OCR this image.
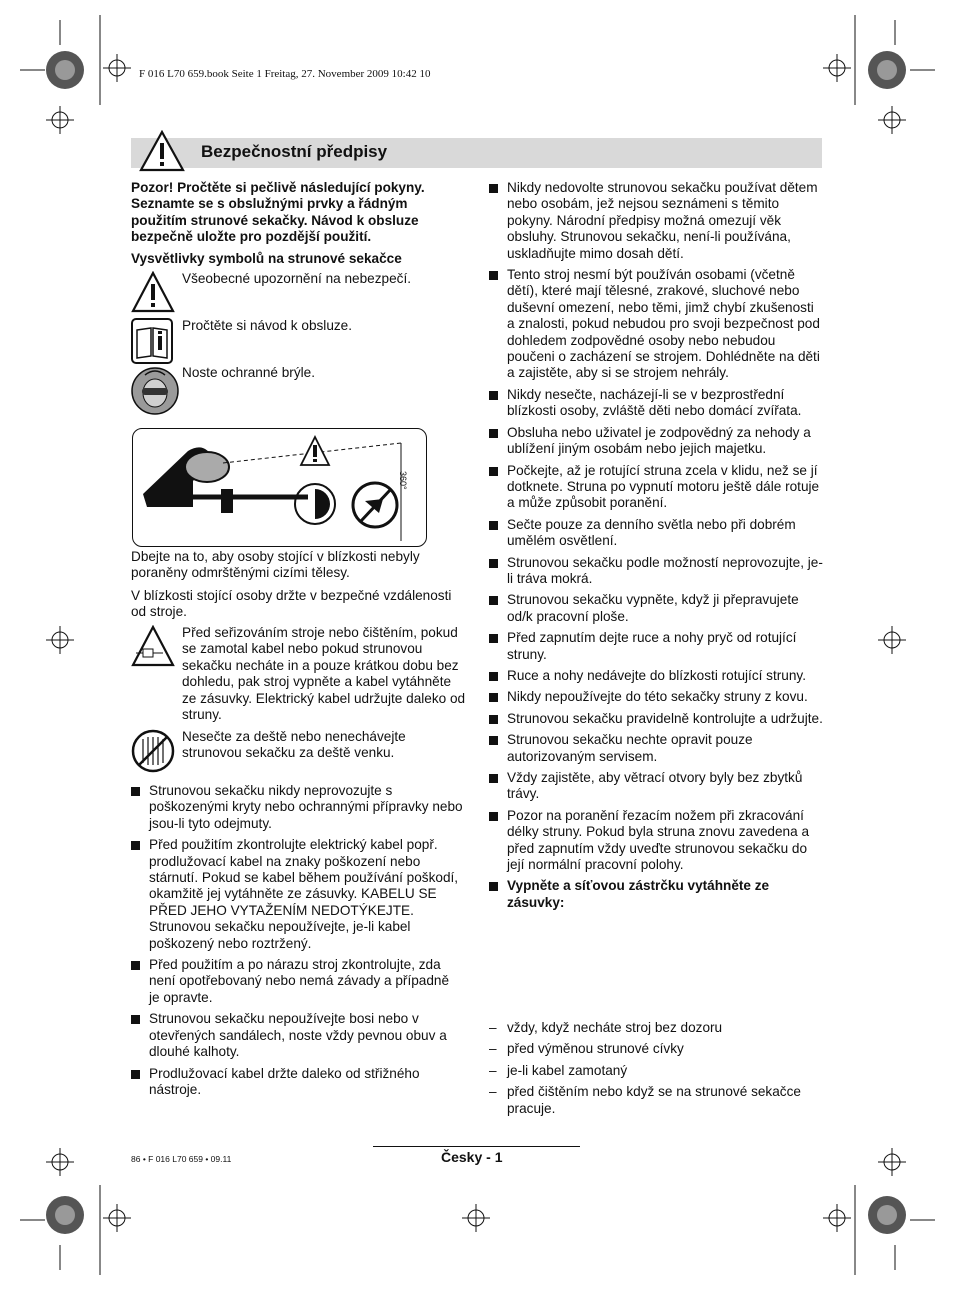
F 016 L70 659.book Seite 1 Freitag, 27. November 2009 10:42 10
Bezpečnostní předpisy

Pozor! Pročtěte si pečlivě následující pokyny. Seznamte se s obslužnými prvky a řádným použitím strunové sekačky. Návod k obsluze bezpečně uložte pro pozdější použití.

Vysvětlivky symbolů na strunové sekačce

Všeobecné upozornění na nebezpečí.
Pročtěte si návod k obsluze.
Noste ochranné brýle.
360°

Dbejte na to, aby osoby stojící v blízkosti nebyly poraněny odmrštěnými cizími tělesy.

V blízkosti stojící osoby držte v bezpečné vzdálenosti od stroje.

Před seřizováním stroje nebo čištěním, pokud se zamotal kabel nebo pokud strunovou sekačku necháte in a pouze krátkou dobu bez dohledu, pak stroj vypněte a kabel vytáhněte ze zásuvky. Elektrický kabel udržujte daleko od struny.
Nesečte za deště nebo nenechávejte strunovou sekačku za deště venku.
Strunovou sekačku nikdy neprovozujte s poškozenými kryty nebo ochrannými přípravky nebo jsou-li tyto odejmuty.
Před použitím zkontrolujte elektrický kabel popř. prodlužovací kabel na znaky poškození nebo stárnutí. Pokud se kabel během používání poškodí, okamžitě jej vytáhněte ze zásuvky. KABELU SE PŘED JEHO VYTAŽENÍM NEDOTÝKEJTE. Strunovou sekačku nepoužívejte, je-li kabel poškozený nebo roztržený.
Před použitím a po nárazu stroj zkontrolujte, zda není opotřebovaný nebo nemá závady a případně je opravte.
Strunovou sekačku nepoužívejte bosi nebo v otevřených sandálech, noste vždy pevnou obuv a dlouhé kalhoty.
Prodlužovací kabel držte daleko od střižného nástroje.
Nikdy nedovolte strunovou sekačku používat dětem nebo osobám, jež nejsou seznámeni s těmito pokyny. Národní předpisy možná omezují věk obsluhy. Strunovou sekačku, není-li používána, uskladňujte mimo dosah dětí.
Tento stroj nesmí být používán osobami (včetně dětí), které mají tělesné, zrakové, sluchové nebo duševní omezení, nebo těmi, jimž chybí zkušenosti a znalosti, pokud nebudou pro svoji bezpečnost pod dohledem zodpovědné osoby nebo nebudou poučeni o zacházení se strojem. Dohlédněte na děti a zajistěte, aby si se strojem nehrály.
Nikdy nesečte, nacházejí-li se v bezprostřední blízkosti osoby, zvláště děti nebo domácí zvířata.
Obsluha nebo uživatel je zodpovědný za nehody a ublížení jiným osobám nebo jejich majetku.
Počkejte, až je rotující struna zcela v klidu, než se jí dotknete. Struna po vypnutí motoru ještě dále rotuje a může způsobit poranění.
Sečte pouze za denního světla nebo při dobrém umělém osvětlení.
Strunovou sekačku podle možností neprovozujte, je-li tráva mokrá.
Strunovou sekačku vypněte, když ji přepravujete od/k pracovní ploše.
Před zapnutím dejte ruce a nohy pryč od rotující struny.
Ruce a nohy nedávejte do blízkosti rotující struny.
Nikdy nepoužívejte do této sekačky struny z kovu.
Strunovou sekačku pravidelně kontrolujte a udržujte.
Strunovou sekačku nechte opravit pouze autorizovaným servisem.
Vždy zajistěte, aby větrací otvory byly bez zbytků trávy.
Pozor na poranění řezacím nožem při zkracování délky struny. Pokud byla struna znovu zavedena a před zapnutím vždy uveďte strunovou sekačku do její normální pracovní polohy.
Vypněte a síťovou zástrčku vytáhněte ze zásuvky:
– vždy, když necháte stroj bez dozoru
– před výměnou strunové cívky
– je-li kabel zamotaný
– před čištěním nebo když se na strunové sekačce pracuje.
Česky - 1
86 • F 016 L70 659 • 09.11
